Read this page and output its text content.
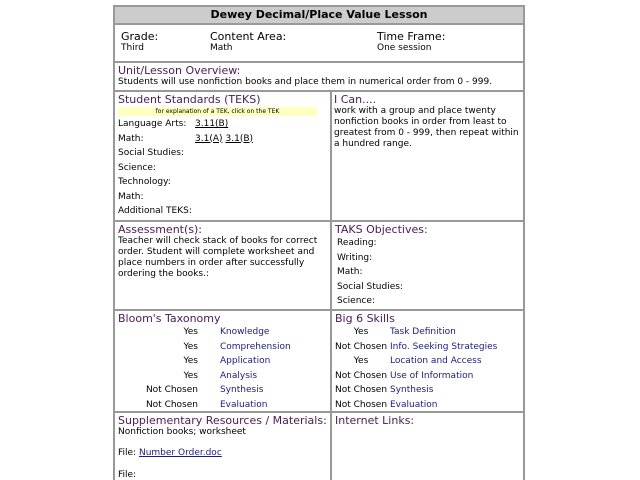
Dewey Decimal/Place Value Lesson
Grade:
Third
Content Area:
Math
Time Frame:
One session
Unit/Lesson Overview:
Students will use nonfiction books and place them in numerical order from 0 - 999.
Student Standards (TEKS)
for explanation of a TEK, click on the TEK
Language Arts: 3.11(B)
Math:	3.1(A) 3.1(B)
Social Studies:
Science:
Technology:
Math:
Additional TEKS:
I Can....
work with a group and place twenty nonfiction books in order from least to greatest from 0 - 999, then repeat within a hundred range.
Assessment(s):
Teacher will check stack of books for correct order. Student will complete worksheet and place numbers in order after successfully ordering the books.:
TAKS Objectives:
Reading:
Writing:
Math:
Social Studies:
Science:
Bloom's Taxonomy
Yes Knowledge
Yes Comprehension
Yes Application
Yes Analysis
Not Chosen Synthesis
Not Chosen Evaluation
Big 6 Skills
Yes Task Definition
Not Chosen Info. Seeking Strategies
Yes Location and Access
Not Chosen Use of Information
Not Chosen Synthesis
Not Chosen Evaluation
Supplementary Resources / Materials:
Nonfiction books; worksheet
File: Number Order.doc
File:
Internet Links:
